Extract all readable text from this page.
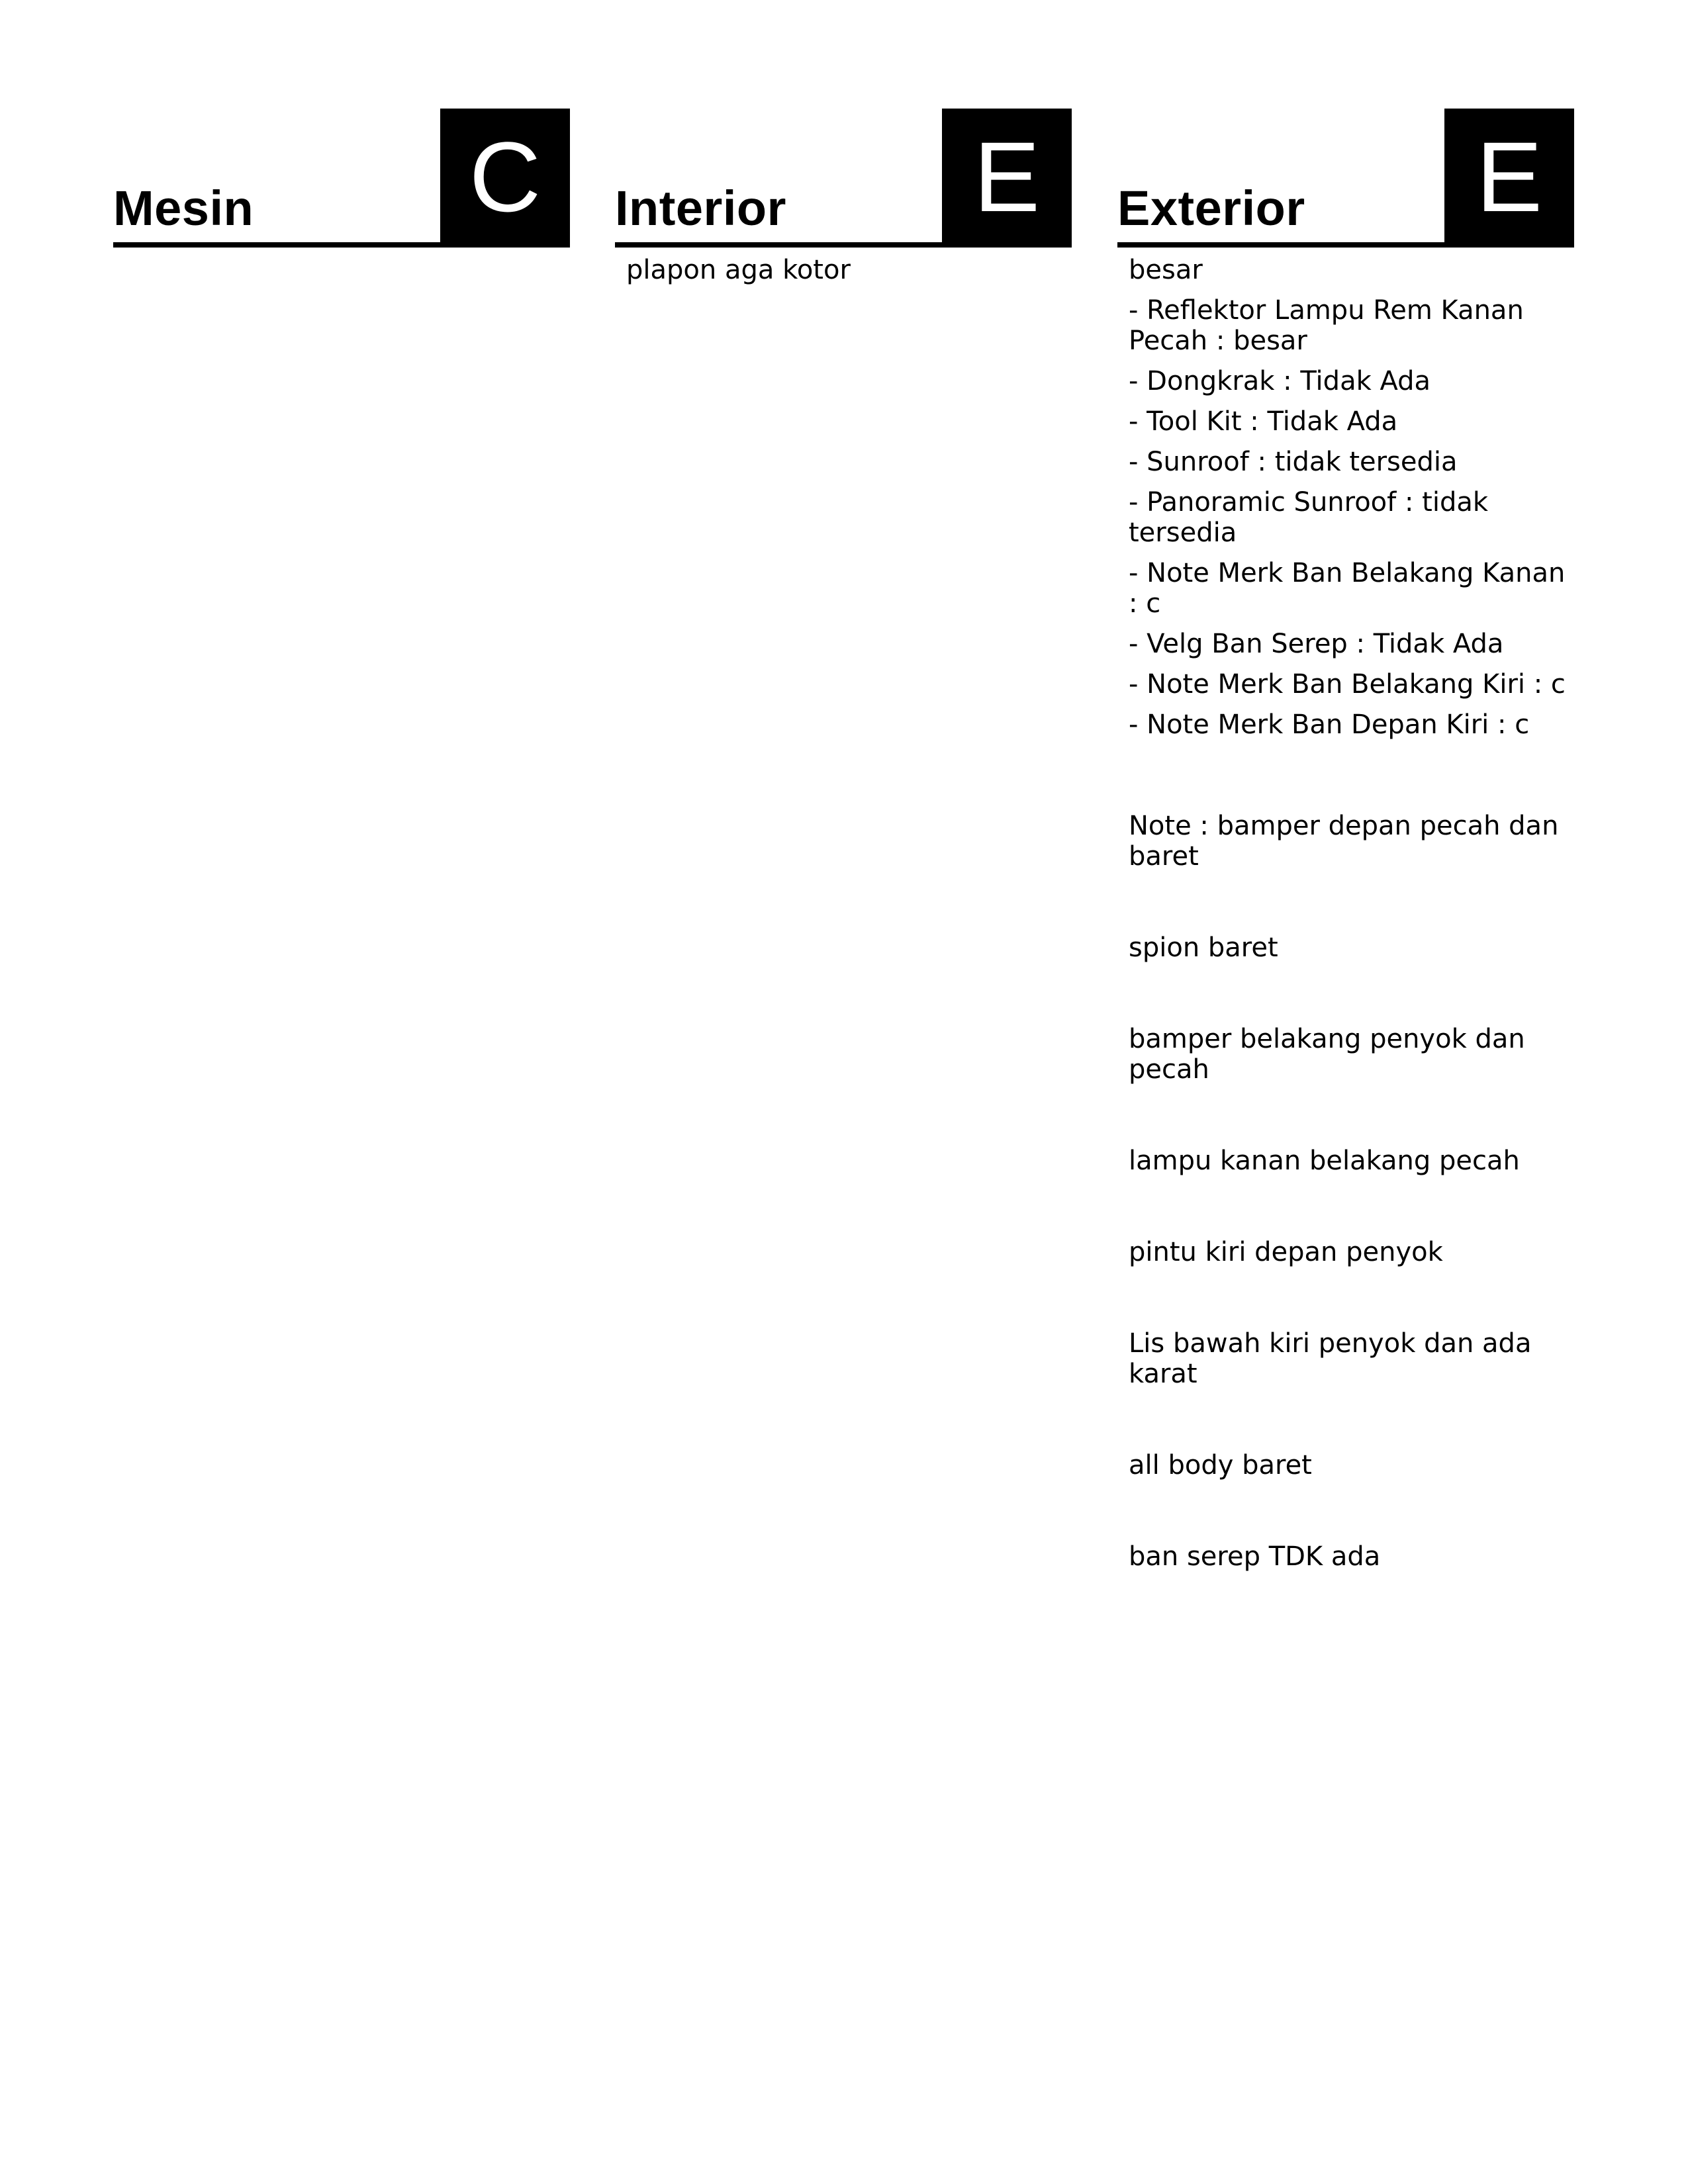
Mesin C	Interior	E

plapon aga kotor

Exterior	E

besar

- Reflektor Lampu Rem Kanan Pecah : besar

- Dongkrak : Tidak Ada

- Tool Kit : Tidak Ada

- Sunroof : tidak tersedia

- Panoramic Sunroof : tidak tersedia

- Note Merk Ban Belakang Kanan : c

- Velg Ban Serep : Tidak Ada

- Note Merk Ban Belakang Kiri : c

- Note Merk Ban Depan Kiri : c

Note : bamper depan pecah dan baret

spion baret

bamper belakang penyok dan pecah

lampu kanan belakang pecah

pintu kiri depan penyok

Lis bawah kiri penyok dan ada karat

all body baret

ban serep TDK ada
